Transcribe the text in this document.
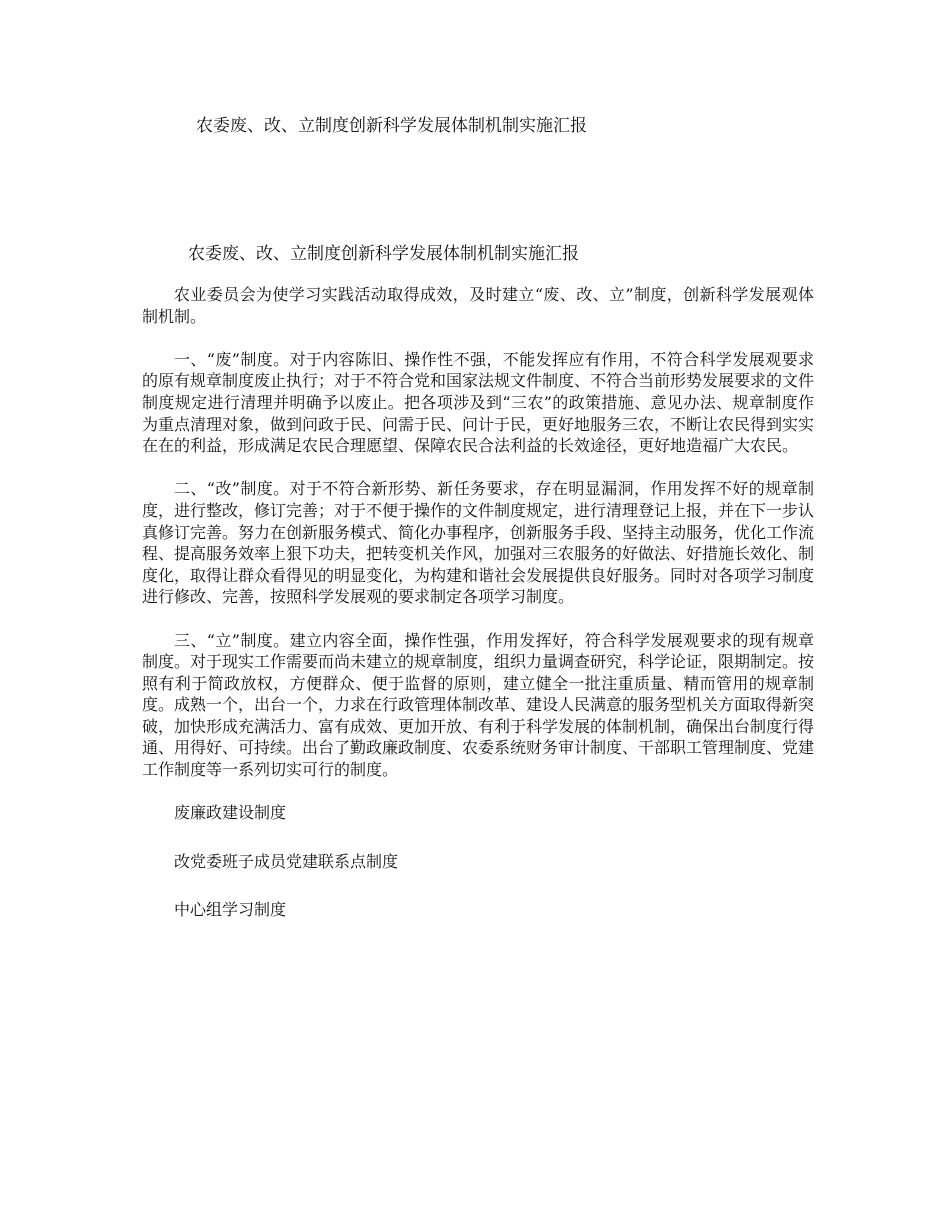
农委废、改、立制度创新科学发展体制机制实施汇报
农委废、改、立制度创新科学发展体制机制实施汇报

农业委员会为使学习实践活动取得成效，及时建立“废、改、立”制度，创新科学发展观体制机制。

一、“废”制度。对于内容陈旧、操作性不强，不能发挥应有作用，不符合科学发展观要求的原有规章制度废止执行；对于不符合党和国家法规文件制度、不符合当前形势发展要求的文件制度规定进行清理并明确予以废止。把各项涉及到“三农”的政策措施、意见办法、规章制度作为重点清理对象，做到问政于民、问需于民、问计于民，更好地服务三农，不断让农民得到实实在在的利益，形成满足农民合理愿望、保障农民合法利益的长效途径，更好地造福广大农民。

二、“改”制度。对于不符合新形势、新任务要求，存在明显漏洞，作用发挥不好的规章制度，进行整改，修订完善；对于不便于操作的文件制度规定，进行清理登记上报，并在下一步认真修订完善。努力在创新服务模式、简化办事程序，创新服务手段、坚持主动服务，优化工作流程、提高服务效率上狠下功夫，把转变机关作风，加强对三农服务的好做法、好措施长效化、制度化，取得让群众看得见的明显变化，为构建和谐社会发展提供良好服务。同时对各项学习制度进行修改、完善，按照科学发展观的要求制定各项学习制度。

三、“立”制度。建立内容全面，操作性强，作用发挥好，符合科学发展观要求的现有规章制度。对于现实工作需要而尚未建立的规章制度，组织力量调查研究，科学论证，限期制定。按照有利于简政放权，方便群众、便于监督的原则，建立健全一批注重质量、精而管用的规章制度。成熟一个，出台一个，力求在行政管理体制改革、建设人民满意的服务型机关方面取得新突破，加快形成充满活力、富有成效、更加开放、有利于科学发展的体制机制，确保出台制度行得通、用得好、可持续。出台了勤政廉政制度、农委系统财务审计制度、干部职工管理制度、党建工作制度等一系列切实可行的制度。

废廉政建设制度

改党委班子成员党建联系点制度

中心组学习制度
